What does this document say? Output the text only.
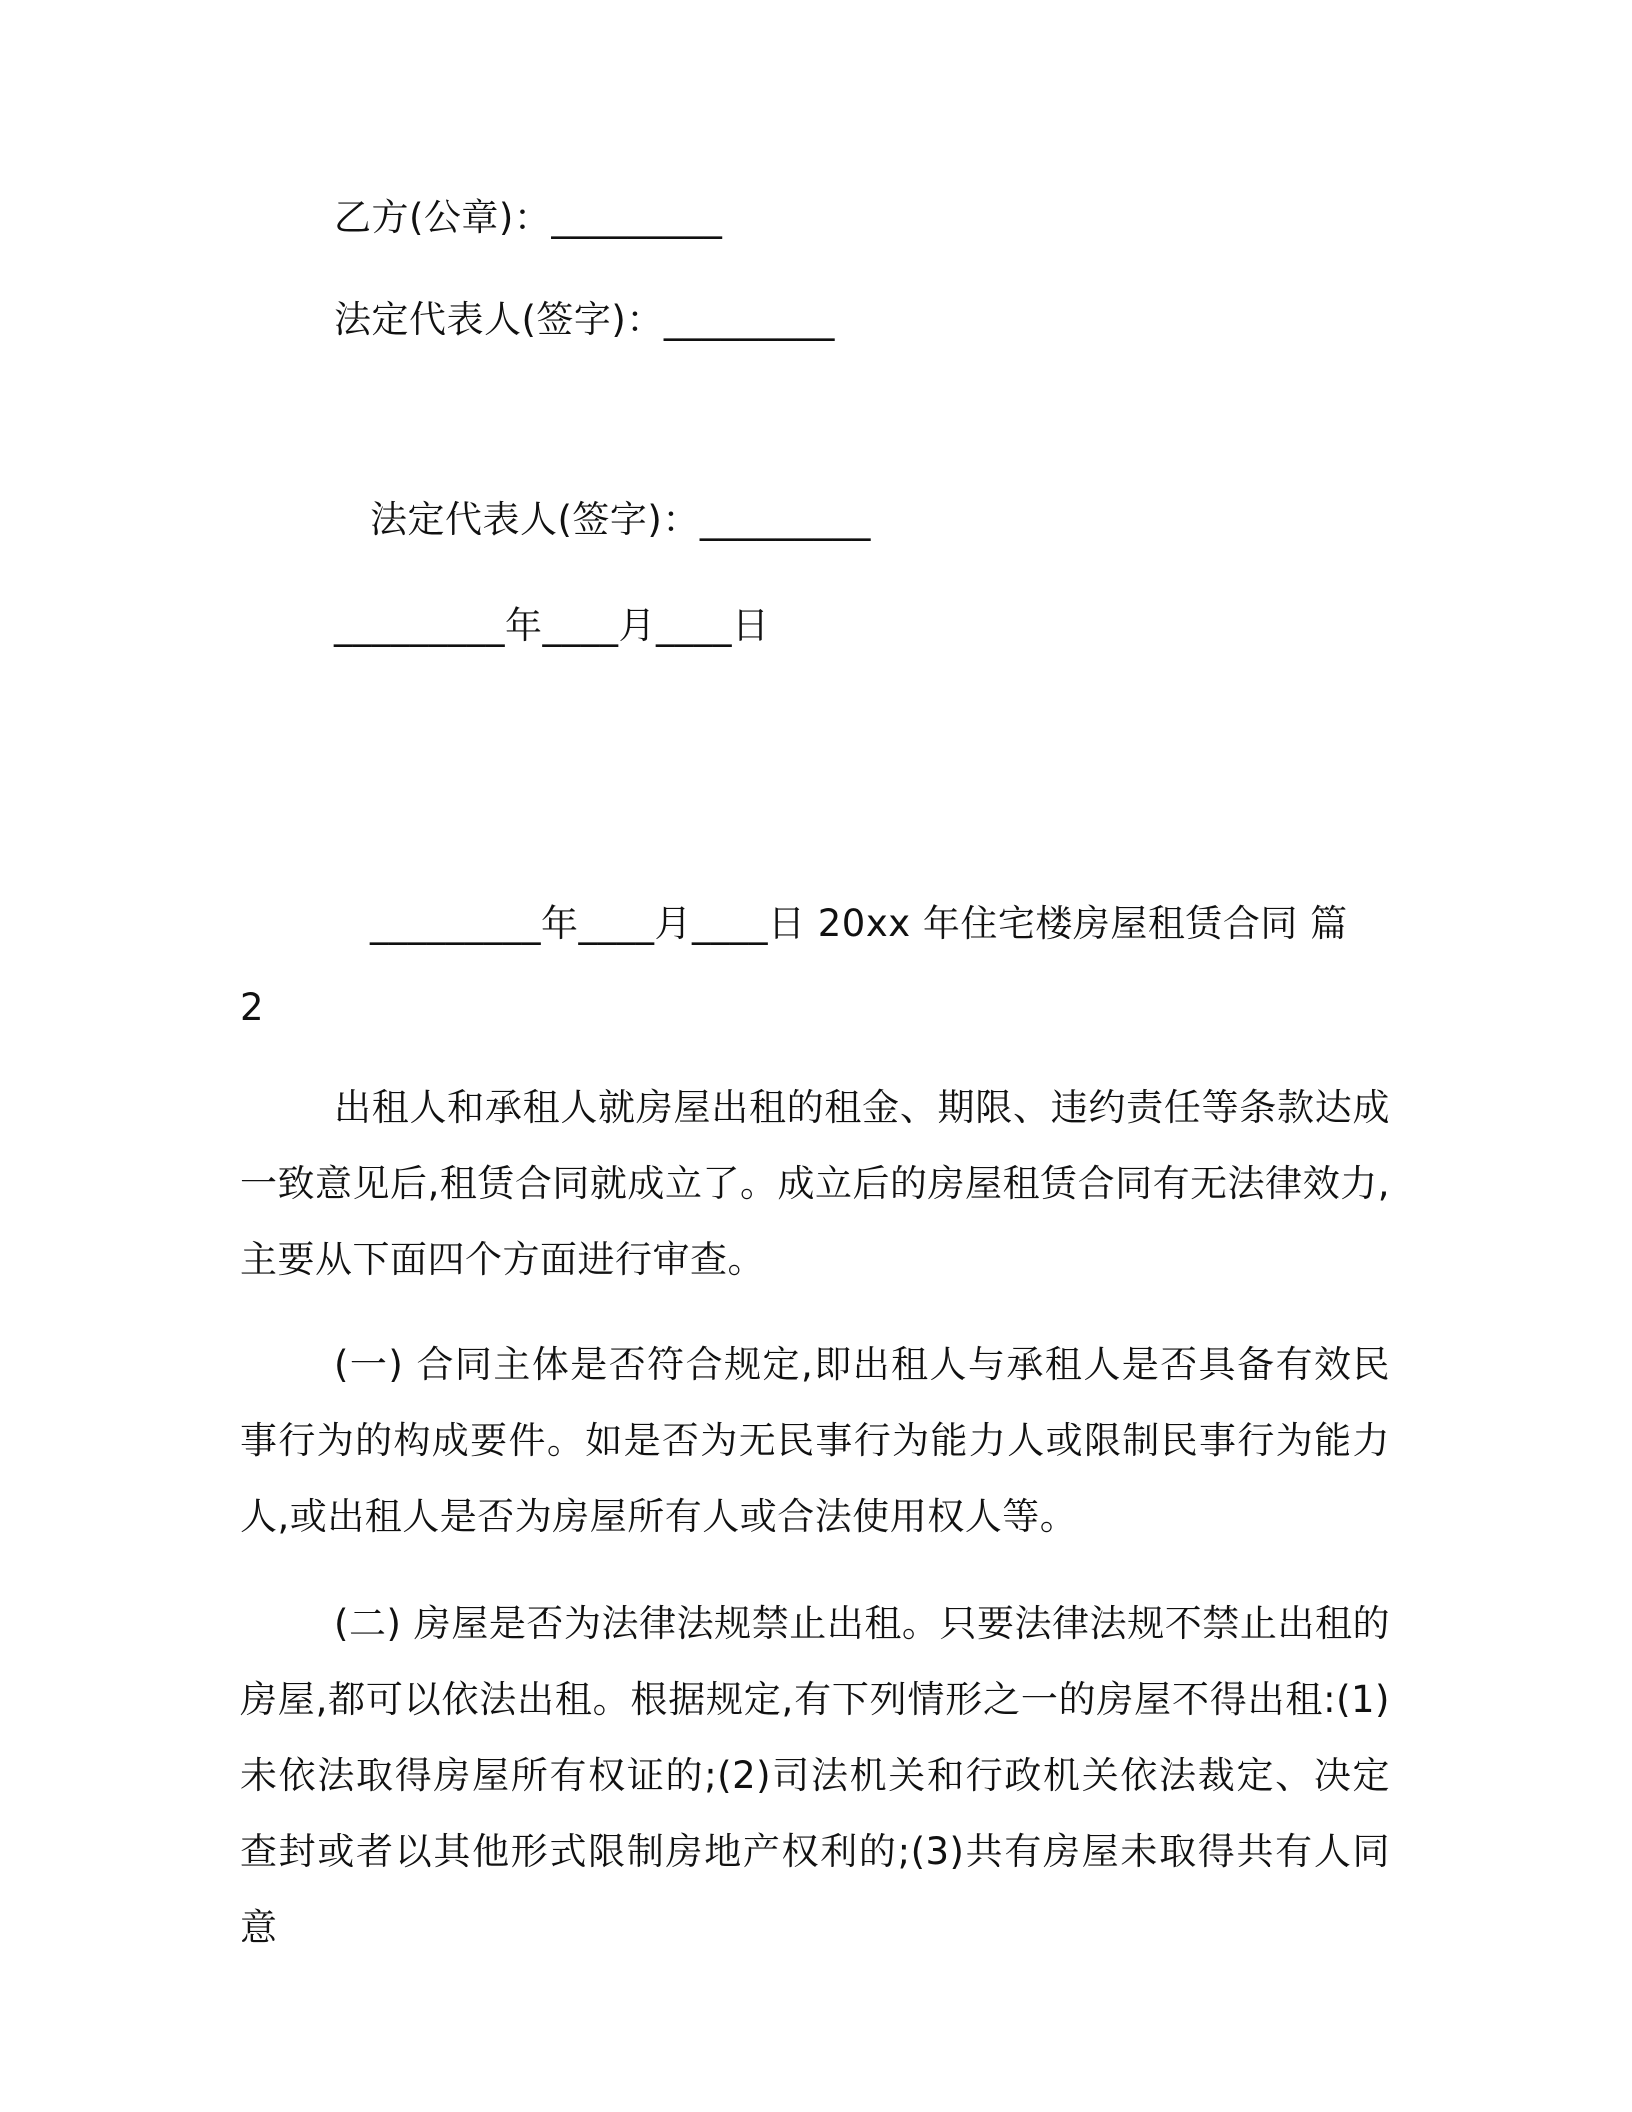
乙方(公章)：_________
法定代表人(签字)：_________
法定代表人(签字)：_________
_________年____月____日
_________年____月____日 20xx 年住宅楼房屋租赁合同 篇
2
出租人和承租人就房屋出租的租金、期限、违约责任等条款达成一致意见后,租赁合同就成立了。成立后的房屋租赁合同有无法律效力,主要从下面四个方面进行审查。
(一) 合同主体是否符合规定,即出租人与承租人是否具备有效民事行为的构成要件。如是否为无民事行为能力人或限制民事行为能力人,或出租人是否为房屋所有人或合法使用权人等。
(二) 房屋是否为法律法规禁止出租。只要法律法规不禁止出租的房屋,都可以依法出租。根据规定,有下列情形之一的房屋不得出租:(1)未依法取得房屋所有权证的;(2)司法机关和行政机关依法裁定、决定查封或者以其他形式限制房地产权利的;(3)共有房屋未取得共有人同意
